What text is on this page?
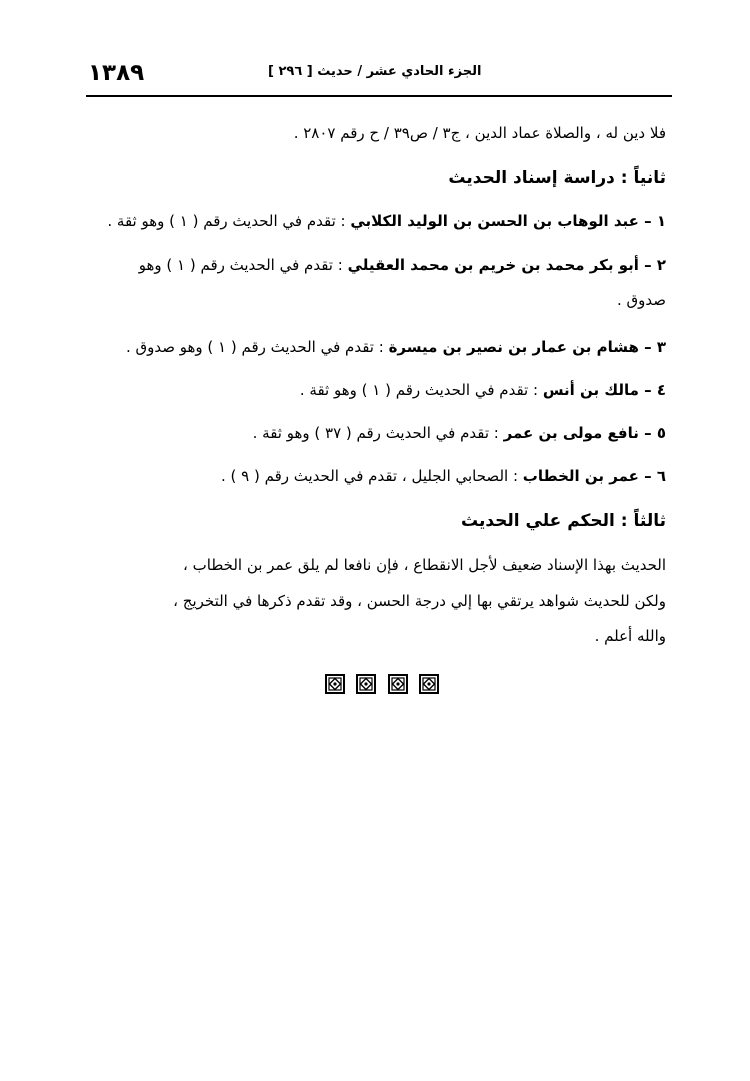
١٣٨٩	الجزء الحادي عشر / حديث [ ٢٩٦ ]
فلا دين له ، والصلاة عماد الدين ، ج٣ / ص٣٩ / ح رقم ٢٨٠٧ .
ثانياً : دراسة إسناد الحديث
١ – عبد الوهاب بن الحسن بن الوليد الكلابي : تقدم في الحديث رقم ( ١ ) وهو ثقة .
٢ – أبو بكر محمد بن خريم بن محمد العقيلي : تقدم في الحديث رقم ( ١ ) وهو
صدوق .
٣ – هشام بن عمار بن نصير بن ميسرة : تقدم في الحديث رقم ( ١ ) وهو صدوق .
٤ – مالك بن أنس : تقدم في الحديث رقم ( ١ ) وهو ثقة .
٥ – نافع مولى بن عمر : تقدم في الحديث رقم ( ٣٧ ) وهو ثقة .
٦ – عمر بن الخطاب : الصحابي الجليل ، تقدم في الحديث رقم ( ٩ ) .
ثالثاً : الحكم علي الحديث
الحديث بهذا الإسناد ضعيف لأجل الانقطاع ، فإن نافعا لم يلق عمر بن الخطاب ،
ولكن للحديث شواهد يرتقي بها إلي درجة الحسن ، وقد تقدم ذكرها في التخريج ،
والله أعلم .
